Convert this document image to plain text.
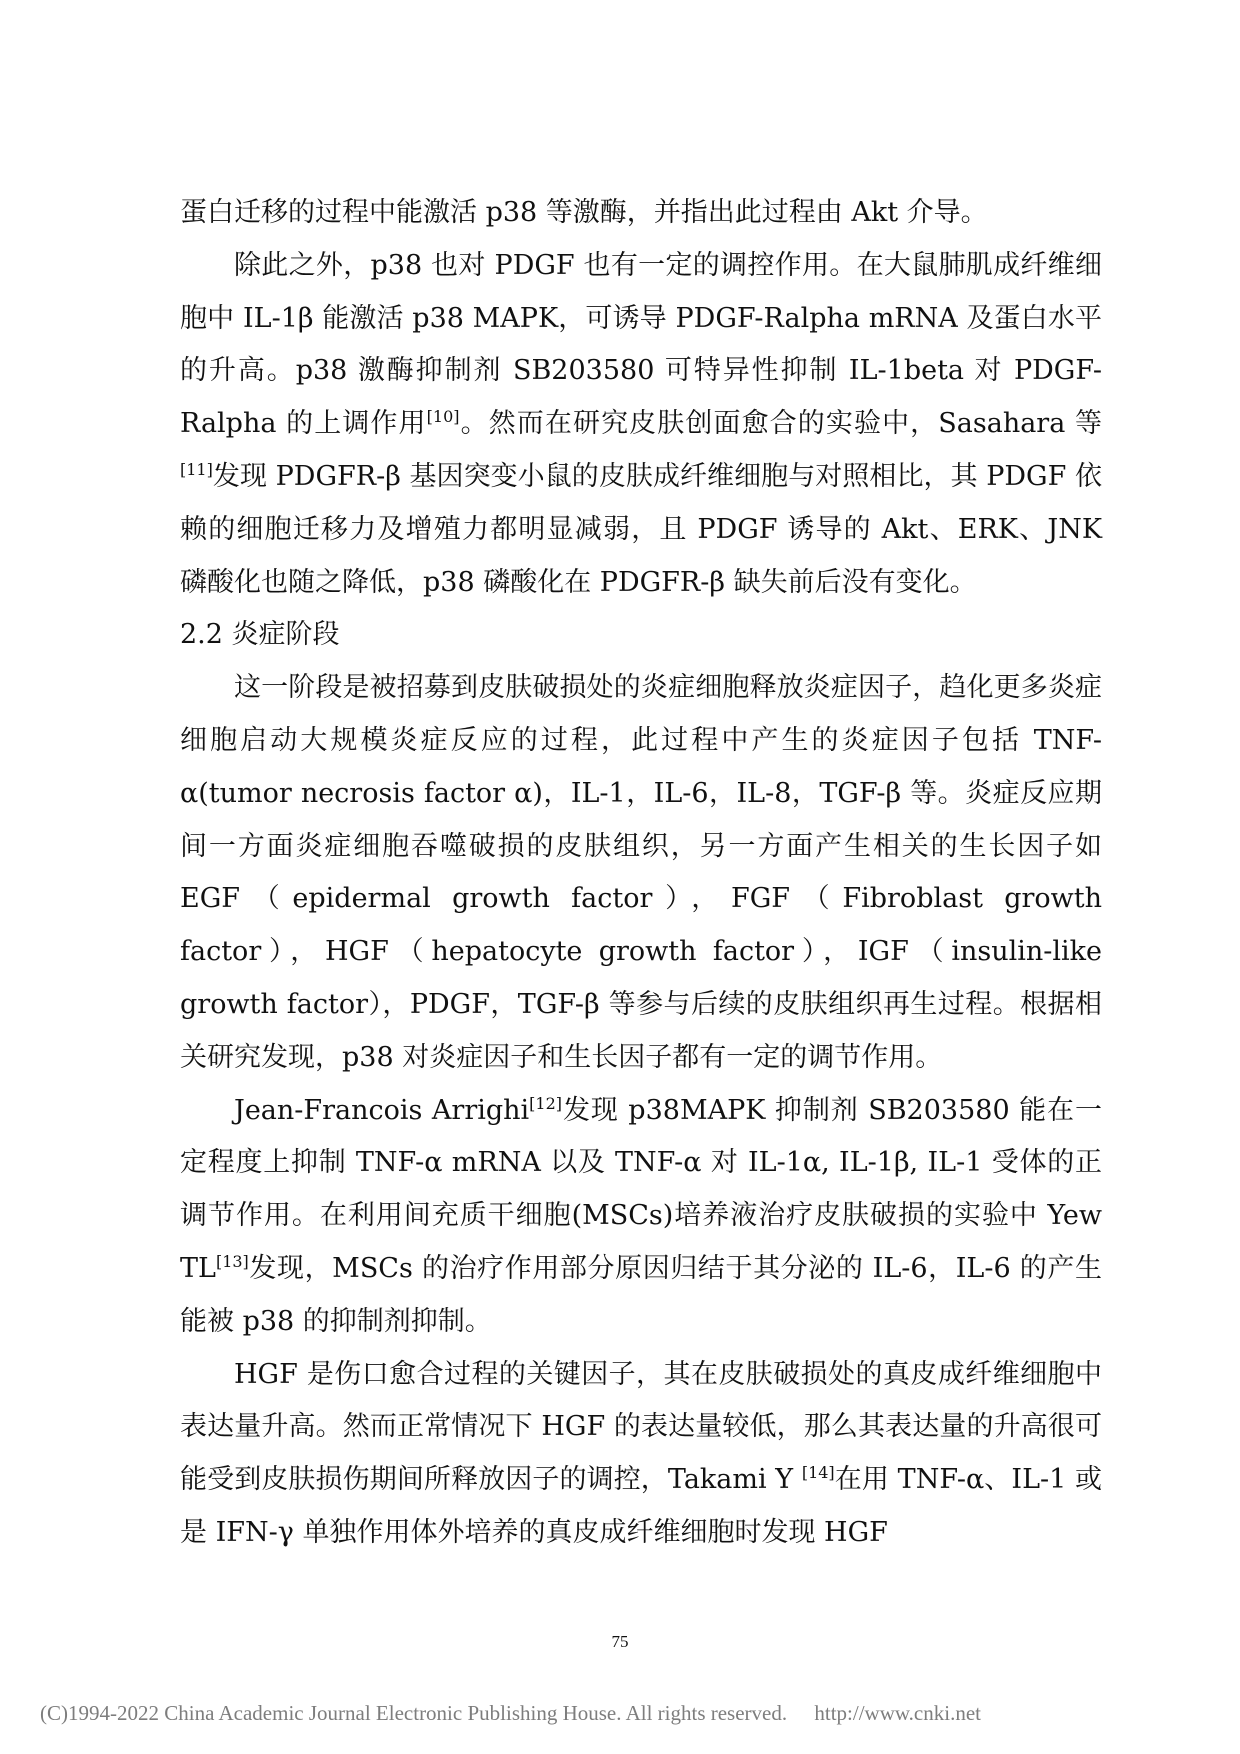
蛋白迁移的过程中能激活 p38 等激酶，并指出此过程由 Akt 介导。

除此之外，p38 也对 PDGF 也有一定的调控作用。在大鼠肺肌成纤维细胞中 IL-1β 能激活 p38 MAPK，可诱导 PDGF-Ralpha mRNA 及蛋白水平的升高。p38 激酶抑制剂 SB203580 可特异性抑制 IL-1beta 对 PDGF-Ralpha 的上调作用[10]。然而在研究皮肤创面愈合的实验中，Sasahara 等[11]发现 PDGFR-β 基因突变小鼠的皮肤成纤维细胞与对照相比，其 PDGF 依赖的细胞迁移力及增殖力都明显减弱，且 PDGF 诱导的 Akt、ERK、JNK 磷酸化也随之降低，p38 磷酸化在 PDGFR-β 缺失前后没有变化。

2.2 炎症阶段

这一阶段是被招募到皮肤破损处的炎症细胞释放炎症因子，趋化更多炎症细胞启动大规模炎症反应的过程，此过程中产生的炎症因子包括 TNF-α(tumor necrosis factor α)，IL-1，IL-6，IL-8，TGF-β 等。炎症反应期间一方面炎症细胞吞噬破损的皮肤组织，另一方面产生相关的生长因子如 EGF（epidermal growth factor），FGF（Fibroblast growth factor），HGF（hepatocyte growth factor），IGF（insulin-like growth factor），PDGF，TGF-β 等参与后续的皮肤组织再生过程。根据相关研究发现，p38 对炎症因子和生长因子都有一定的调节作用。

Jean-Francois Arrighi[12]发现 p38MAPK 抑制剂 SB203580 能在一定程度上抑制 TNF-α mRNA 以及 TNF-α 对 IL-1α, IL-1β, IL-1 受体的正调节作用。在利用间充质干细胞(MSCs)培养液治疗皮肤破损的实验中 Yew TL[13]发现，MSCs 的治疗作用部分原因归结于其分泌的 IL-6，IL-6 的产生能被 p38 的抑制剂抑制。

HGF 是伤口愈合过程的关键因子，其在皮肤破损处的真皮成纤维细胞中表达量升高。然而正常情况下 HGF 的表达量较低，那么其表达量的升高很可能受到皮肤损伤期间所释放因子的调控，Takami Y [14]在用 TNF-α、IL-1 或是 IFN-γ 单独作用体外培养的真皮成纤维细胞时发现 HGF

75
(C)1994-2022 China Academic Journal Electronic Publishing House. All rights reserved. http://www.cnki.net
